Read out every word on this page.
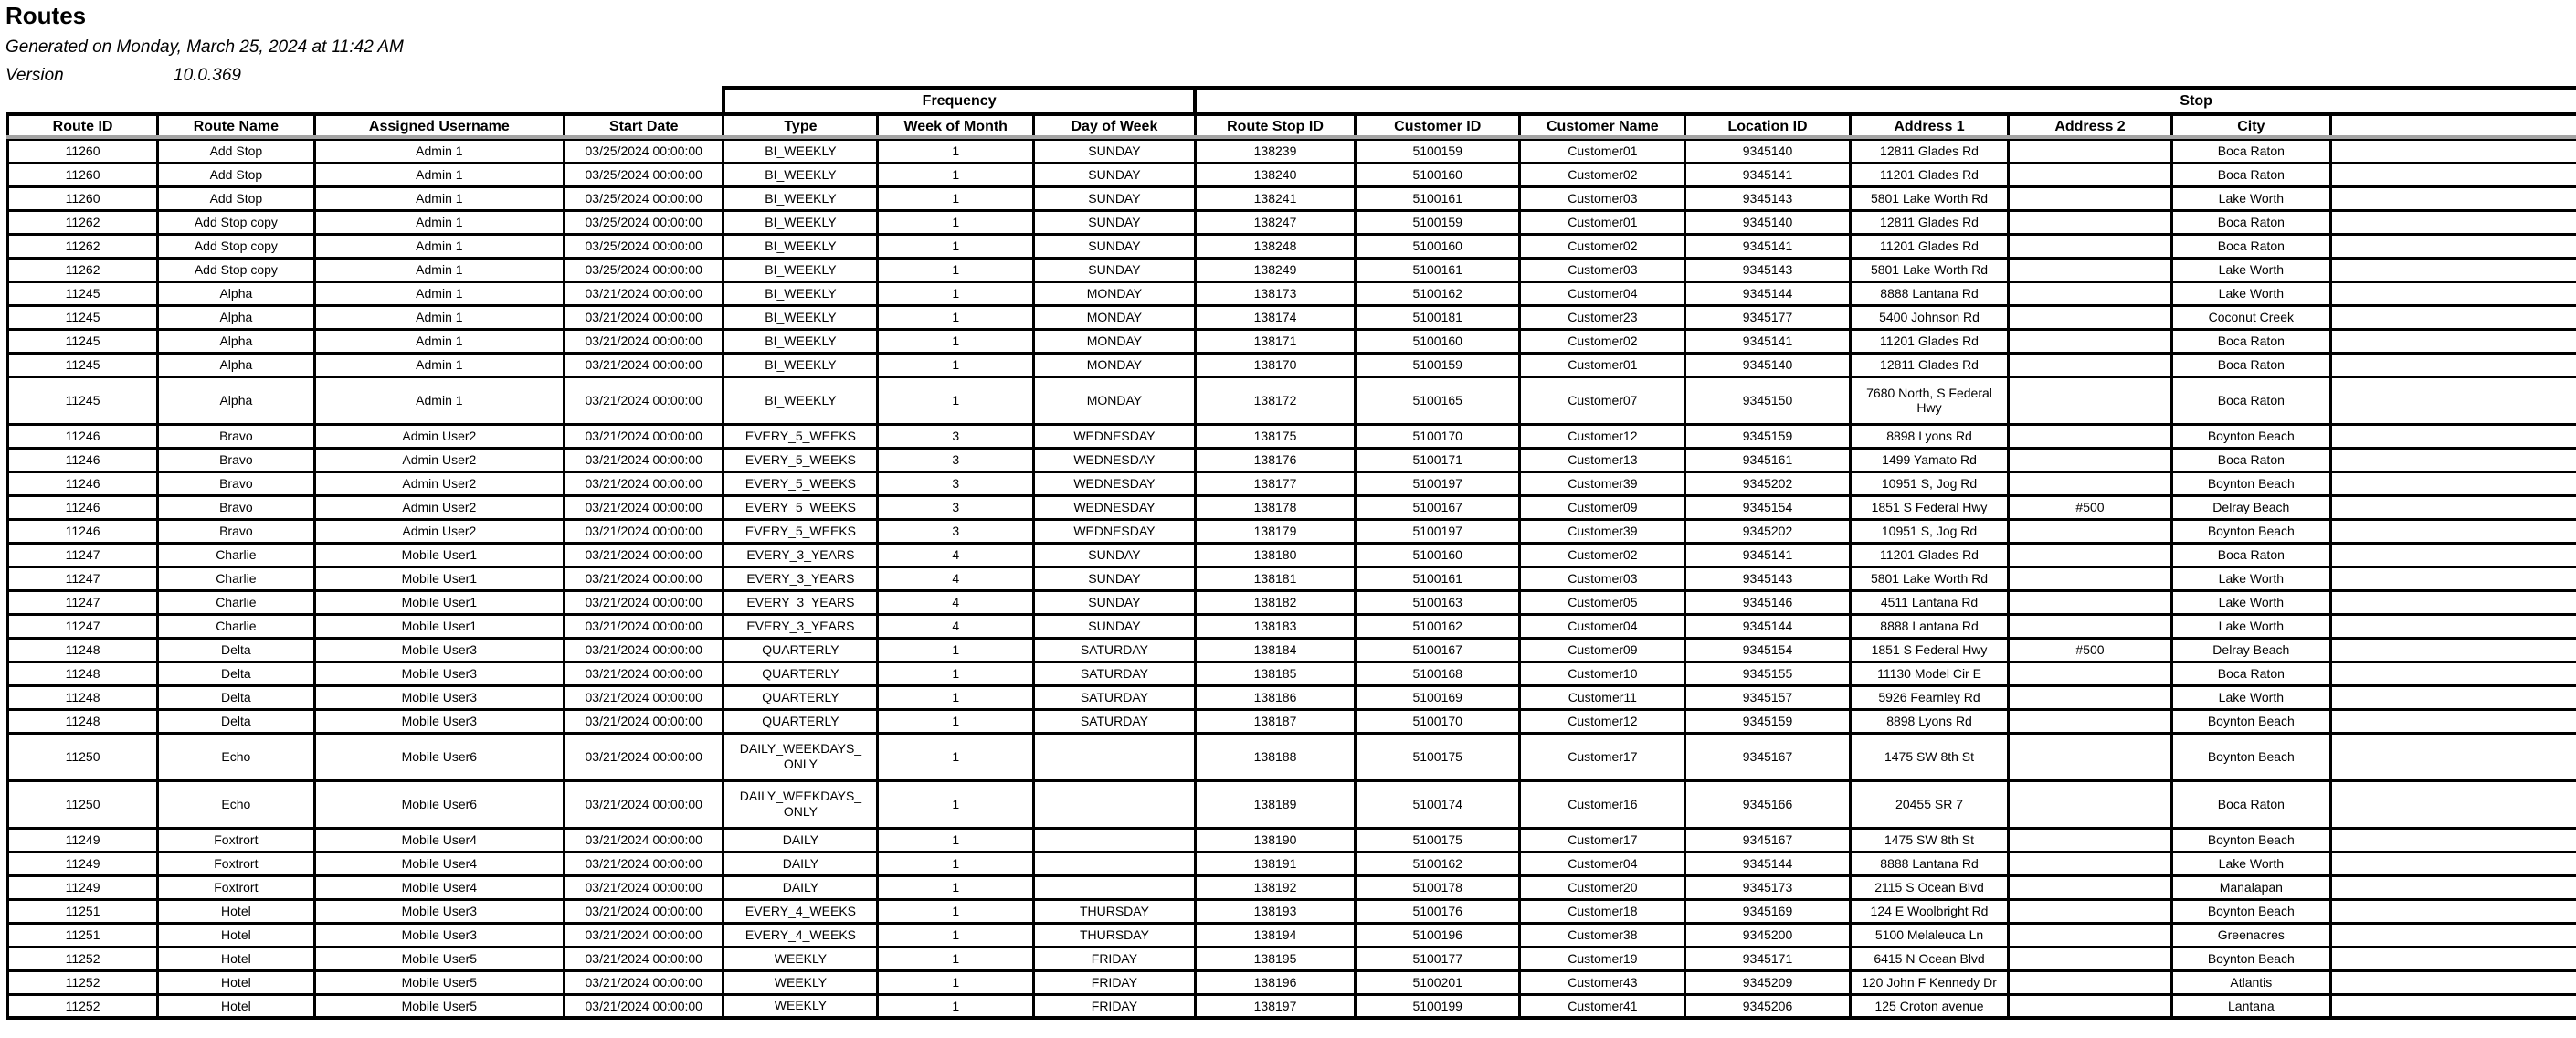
Routes
Generated on Monday, March 25, 2024 at 11:42 AM
Version	10.0.369
				Frequency			Stop							
Route ID	Route Name	Assigned Username	Start Date	Type	Week of Month	Day of Week	Route Stop ID	Customer ID	Customer Name	Location ID	Address 1	Address 2	City	
11260	Add Stop	Admin 1	03/25/2024 00:00:00	BI_WEEKLY	1	SUNDAY	138239	5100159	Customer01	9345140	12811 Glades Rd		Boca Raton	
11260	Add Stop	Admin 1	03/25/2024 00:00:00	BI_WEEKLY	1	SUNDAY	138240	5100160	Customer02	9345141	11201 Glades Rd		Boca Raton	
11260	Add Stop	Admin 1	03/25/2024 00:00:00	BI_WEEKLY	1	SUNDAY	138241	5100161	Customer03	9345143	5801 Lake Worth Rd		Lake Worth	
11262	Add Stop copy	Admin 1	03/25/2024 00:00:00	BI_WEEKLY	1	SUNDAY	138247	5100159	Customer01	9345140	12811 Glades Rd		Boca Raton	
11262	Add Stop copy	Admin 1	03/25/2024 00:00:00	BI_WEEKLY	1	SUNDAY	138248	5100160	Customer02	9345141	11201 Glades Rd		Boca Raton	
11262	Add Stop copy	Admin 1	03/25/2024 00:00:00	BI_WEEKLY	1	SUNDAY	138249	5100161	Customer03	9345143	5801 Lake Worth Rd		Lake Worth	
11245	Alpha	Admin 1	03/21/2024 00:00:00	BI_WEEKLY	1	MONDAY	138173	5100162	Customer04	9345144	8888 Lantana Rd		Lake Worth	
11245	Alpha	Admin 1	03/21/2024 00:00:00	BI_WEEKLY	1	MONDAY	138174	5100181	Customer23	9345177	5400 Johnson Rd		Coconut Creek	
11245	Alpha	Admin 1	03/21/2024 00:00:00	BI_WEEKLY	1	MONDAY	138171	5100160	Customer02	9345141	11201 Glades Rd		Boca Raton	
11245	Alpha	Admin 1	03/21/2024 00:00:00	BI_WEEKLY	1	MONDAY	138170	5100159	Customer01	9345140	12811 Glades Rd		Boca Raton	
11245	Alpha	Admin 1	03/21/2024 00:00:00	BI_WEEKLY	1	MONDAY	138172	5100165	Customer07	9345150	7680 North, S Federal Hwy		Boca Raton	
11246	Bravo	Admin User2	03/21/2024 00:00:00	EVERY_5_WEEKS	3	WEDNESDAY	138175	5100170	Customer12	9345159	8898 Lyons Rd		Boynton Beach	
11246	Bravo	Admin User2	03/21/2024 00:00:00	EVERY_5_WEEKS	3	WEDNESDAY	138176	5100171	Customer13	9345161	1499 Yamato Rd		Boca Raton	
11246	Bravo	Admin User2	03/21/2024 00:00:00	EVERY_5_WEEKS	3	WEDNESDAY	138177	5100197	Customer39	9345202	10951 S, Jog Rd		Boynton Beach	
11246	Bravo	Admin User2	03/21/2024 00:00:00	EVERY_5_WEEKS	3	WEDNESDAY	138178	5100167	Customer09	9345154	1851 S Federal Hwy	#500	Delray Beach	
11246	Bravo	Admin User2	03/21/2024 00:00:00	EVERY_5_WEEKS	3	WEDNESDAY	138179	5100197	Customer39	9345202	10951 S, Jog Rd		Boynton Beach	
11247	Charlie	Mobile User1	03/21/2024 00:00:00	EVERY_3_YEARS	4	SUNDAY	138180	5100160	Customer02	9345141	11201 Glades Rd		Boca Raton	
11247	Charlie	Mobile User1	03/21/2024 00:00:00	EVERY_3_YEARS	4	SUNDAY	138181	5100161	Customer03	9345143	5801 Lake Worth Rd		Lake Worth	
11247	Charlie	Mobile User1	03/21/2024 00:00:00	EVERY_3_YEARS	4	SUNDAY	138182	5100163	Customer05	9345146	4511 Lantana Rd		Lake Worth	
11247	Charlie	Mobile User1	03/21/2024 00:00:00	EVERY_3_YEARS	4	SUNDAY	138183	5100162	Customer04	9345144	8888 Lantana Rd		Lake Worth	
11248	Delta	Mobile User3	03/21/2024 00:00:00	QUARTERLY	1	SATURDAY	138184	5100167	Customer09	9345154	1851 S Federal Hwy	#500	Delray Beach	
11248	Delta	Mobile User3	03/21/2024 00:00:00	QUARTERLY	1	SATURDAY	138185	5100168	Customer10	9345155	11130 Model Cir E		Boca Raton	
11248	Delta	Mobile User3	03/21/2024 00:00:00	QUARTERLY	1	SATURDAY	138186	5100169	Customer11	9345157	5926 Fearnley Rd		Lake Worth	
11248	Delta	Mobile User3	03/21/2024 00:00:00	QUARTERLY	1	SATURDAY	138187	5100170	Customer12	9345159	8898 Lyons Rd		Boynton Beach	
11250	Echo	Mobile User6	03/21/2024 00:00:00	DAILY_WEEKDAYS_ONLY	1		138188	5100175	Customer17	9345167	1475 SW 8th St		Boynton Beach	
11250	Echo	Mobile User6	03/21/2024 00:00:00	DAILY_WEEKDAYS_ONLY	1		138189	5100174	Customer16	9345166	20455 SR 7		Boca Raton	
11249	Foxtrort	Mobile User4	03/21/2024 00:00:00	DAILY	1		138190	5100175	Customer17	9345167	1475 SW 8th St		Boynton Beach	
11249	Foxtrort	Mobile User4	03/21/2024 00:00:00	DAILY	1		138191	5100162	Customer04	9345144	8888 Lantana Rd		Lake Worth	
11249	Foxtrort	Mobile User4	03/21/2024 00:00:00	DAILY	1		138192	5100178	Customer20	9345173	2115 S Ocean Blvd		Manalapan	
11251	Hotel	Mobile User3	03/21/2024 00:00:00	EVERY_4_WEEKS	1	THURSDAY	138193	5100176	Customer18	9345169	124 E Woolbright Rd		Boynton Beach	
11251	Hotel	Mobile User3	03/21/2024 00:00:00	EVERY_4_WEEKS	1	THURSDAY	138194	5100196	Customer38	9345200	5100 Melaleuca Ln		Greenacres	
11252	Hotel	Mobile User5	03/21/2024 00:00:00	WEEKLY	1	FRIDAY	138195	5100177	Customer19	9345171	6415 N Ocean Blvd		Boynton Beach	
11252	Hotel	Mobile User5	03/21/2024 00:00:00	WEEKLY	1	FRIDAY	138196	5100201	Customer43	9345209	120 John F Kennedy Dr		Atlantis	
11252	Hotel	Mobile User5	03/21/2024 00:00:00	WEEKLY	1	FRIDAY	138197	5100199	Customer41	9345206	125 Croton avenue		Lantana	
